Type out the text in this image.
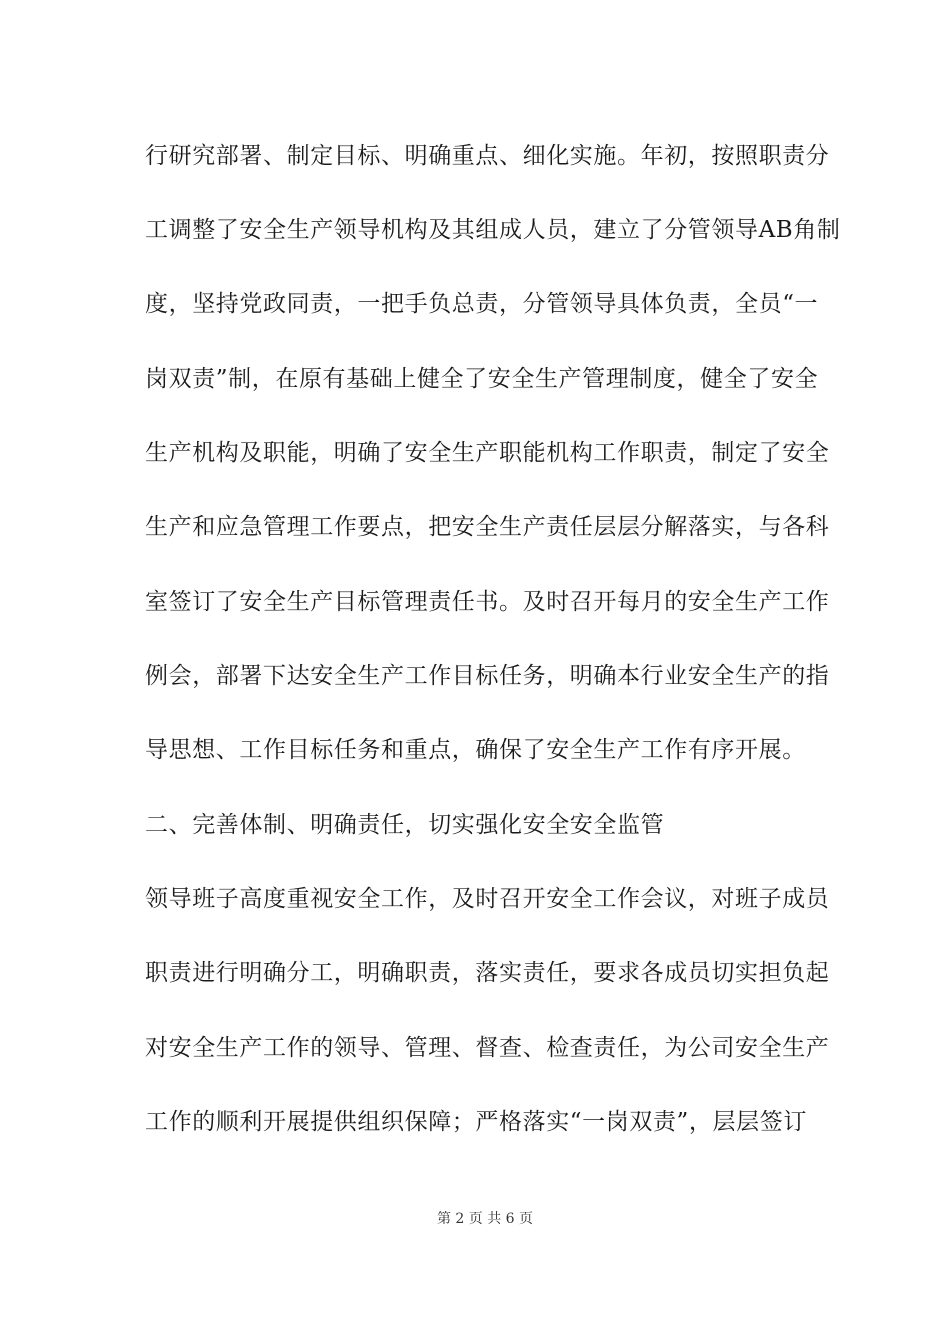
行研究部署、制定目标、明确重点、细化实施。年初，按照职责分

工调整了安全生产领导机构及其组成人员，建立了分管领导AB角制

度，坚持党政同责，一把手负总责，分管领导具体负责，全员“一

岗双责”制，在原有基础上健全了安全生产管理制度，健全了安全

生产机构及职能，明确了安全生产职能机构工作职责，制定了安全

生产和应急管理工作要点，把安全生产责任层层分解落实，与各科

室签订了安全生产目标管理责任书。及时召开每月的安全生产工作

例会，部署下达安全生产工作目标任务，明确本行业安全生产的指

导思想、工作目标任务和重点，确保了安全生产工作有序开展。

二、完善体制、明确责任，切实强化安全安全监管

领导班子高度重视安全工作，及时召开安全工作会议，对班子成员

职责进行明确分工，明确职责，落实责任，要求各成员切实担负起

对安全生产工作的领导、管理、督查、检查责任，为公司安全生产

工作的顺利开展提供组织保障；严格落实“一岗双责”，层层签订

第 2 页 共 6 页
